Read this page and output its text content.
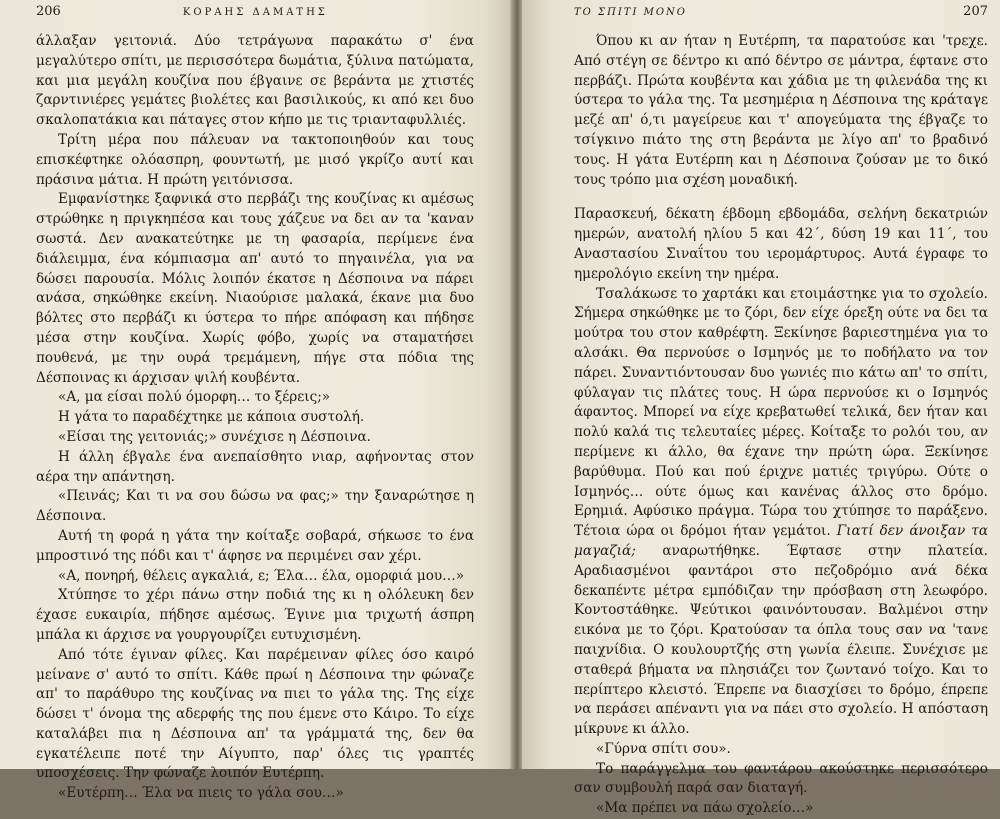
206	ΚΟΡΑΗΣ ΔΑΜΑΤΗΣ

άλλαξαν γειτονιά. Δύο τετράγωνα παρακάτω σ' ένα μεγαλύτερο σπίτι, με περισσότερα δωμάτια, ξύλινα πατώματα, και μια μεγάλη κουζίνα που έβγαινε σε βεράντα με χτιστές ζαρντινιέρες γεμάτες βιολέτες και βασιλικούς, κι από κει δυο σκαλοπατάκια και πάταγες στον κήπο με τις τριανταφυλλιές.

Τρίτη μέρα που πάλευαν να τακτοποιηθούν και τους επισκέφτηκε ολόασπρη, φουντωτή, με μισό γκρίζο αυτί και πράσινα μάτια. Η πρώτη γειτόνισσα.

Εμφανίστηκε ξαφνικά στο περβάζι της κουζίνας κι αμέσως στρώθηκε η πριγκηπέσα και τους χάζευε να δει αν τα 'καναν σωστά. Δεν ανακατεύτηκε με τη φασαρία, περίμενε ένα διάλειμμα, ένα κόμπιασμα απ' αυτό το πηγαινέλα, για να δώσει παρουσία. Μόλις λοιπόν έκατσε η Δέσποινα να πάρει ανάσα, σηκώθηκε εκείνη. Νιαούρισε μαλακά, έκανε μια δυο βόλτες στο περβάζι κι ύστερα το πήρε απόφαση και πήδησε μέσα στην κουζίνα. Χωρίς φόβο, χωρίς να σταματήσει πουθενά, με την ουρά τρεμάμενη, πήγε στα πόδια της Δέσποινας κι άρχισαν ψιλή κουβέντα.

«Α, μα είσαι πολύ όμορφη… το ξέρεις;»

Η γάτα το παραδέχτηκε με κάποια συστολή.

«Είσαι της γειτονιάς;» συνέχισε η Δέσποινα.

Η άλλη έβγαλε ένα ανεπαίσθητο νιαρ, αφήνοντας στον αέρα την απάντηση.

«Πεινάς; Και τι να σου δώσω να φας;» την ξαναρώτησε η Δέσποινα.

Αυτή τη φορά η γάτα την κοίταξε σοβαρά, σήκωσε το ένα μπροστινό της πόδι και τ' άφησε να περιμένει σαν χέρι.

«Α, πονηρή, θέλεις αγκαλιά, ε; Έλα… έλα, ομορφιά μου…»

Χτύπησε το χέρι πάνω στην ποδιά της κι η ολόλευκη δεν έχασε ευκαιρία, πήδησε αμέσως. Έγινε μια τριχωτή άσπρη μπάλα κι άρχισε να γουργουρίζει ευτυχισμένη.

Από τότε έγιναν φίλες. Και παρέμειναν φίλες όσο καιρό μείνανε σ' αυτό το σπίτι. Κάθε πρωί η Δέσποινα την φώναζε απ' το παράθυρο της κουζίνας να πιει το γάλα της. Της είχε δώσει τ' όνομα της αδερφής της που έμενε στο Κάιρο. Το είχε καταλάβει πια η Δέσποινα απ' τα γράμματά της, δεν θα εγκατέλειπε ποτέ την Αίγυπτο, παρ' όλες τις γραπτές υποσχέσεις. Την φώναζε λοιπόν Ευτέρπη.

«Ευτέρπη… Έλα να πιεις το γάλα σου…»

ΤΟ ΣΠΙΤΙ ΜΟΝΟ	207

Όπου κι αν ήταν η Ευτέρπη, τα παρατούσε και 'τρεχε. Από στέγη σε δέντρο κι από δέντρο σε μάντρα, έφτανε στο περβάζι. Πρώτα κουβέντα και χάδια με τη φιλενάδα της κι ύστερα το γάλα της. Τα μεσημέρια η Δέσποινα της κράταγε μεζέ απ' ό,τι μαγείρευε και τ' απογεύματα της έβγαζε το τσίγκινο πιάτο της στη βεράντα με λίγο απ' το βραδινό τους. Η γάτα Ευτέρπη και η Δέσποινα ζούσαν με το δικό τους τρόπο μια σχέση μοναδική.

Παρασκευή, δέκατη έβδομη εβδομάδα, σελήνη δεκατριών ημερών, ανατολή ηλίου 5 και 42΄, δύση 19 και 11΄, του Αναστασίου Σιναΐτου του ιερομάρτυρος. Αυτά έγραφε το ημερολόγιο εκείνη την ημέρα.

Τσαλάκωσε το χαρτάκι και ετοιμάστηκε για το σχολείο. Σήμερα σηκώθηκε με το ζόρι, δεν είχε όρεξη ούτε να δει τα μούτρα του στον καθρέφτη. Ξεκίνησε βαριεστημένα για το αλσάκι. Θα περνούσε ο Ισμηνός με το ποδήλατο να τον πάρει. Συναντιόντουσαν δυο γωνιές πιο κάτω απ' το σπίτι, φύλαγαν τις πλάτες τους. Η ώρα περνούσε κι ο Ισμηνός άφαντος. Μπορεί να είχε κρεβατωθεί τελικά, δεν ήταν και πολύ καλά τις τελευταίες μέρες. Κοίταξε το ρολόι του, αν περίμενε κι άλλο, θα έχανε την πρώτη ώρα. Ξεκίνησε βαρύθυμα. Πού και πού έριχνε ματιές τριγύρω. Ούτε ο Ισμηνός… ούτε όμως και κανένας άλλος στο δρόμο. Ερημιά. Αφύσικο πράγμα. Τώρα του χτύπησε το παράξενο. Τέτοια ώρα οι δρόμοι ήταν γεμάτοι. Γιατί δεν άνοιξαν τα μαγαζιά; αναρωτήθηκε. Έφτασε στην πλατεία. Αραδιασμένοι φαντάροι στο πεζοδρόμιο ανά δέκα δεκαπέντε μέτρα εμπόδιζαν την πρόσβαση στη λεωφόρο. Κοντοστάθηκε. Ψεύτικοι φαινόντουσαν. Βαλμένοι στην εικόνα με το ζόρι. Κρατούσαν τα όπλα τους σαν να 'τανε παιχνίδια. Ο κουλουρτζής στη γωνία έλειπε. Συνέχισε με σταθερά βήματα να πλησιάζει τον ζωντανό τοίχο. Και το περίπτερο κλειστό. Έπρεπε να διασχίσει το δρόμο, έπρεπε να περάσει απέναντι για να πάει στο σχολείο. Η απόσταση μίκρυνε κι άλλο.

«Γύρνα σπίτι σου».

Το παράγγελμα του φαντάρου ακούστηκε περισσότερο σαν συμβουλή παρά σαν διαταγή.

«Μα πρέπει να πάω σχολείο…»
